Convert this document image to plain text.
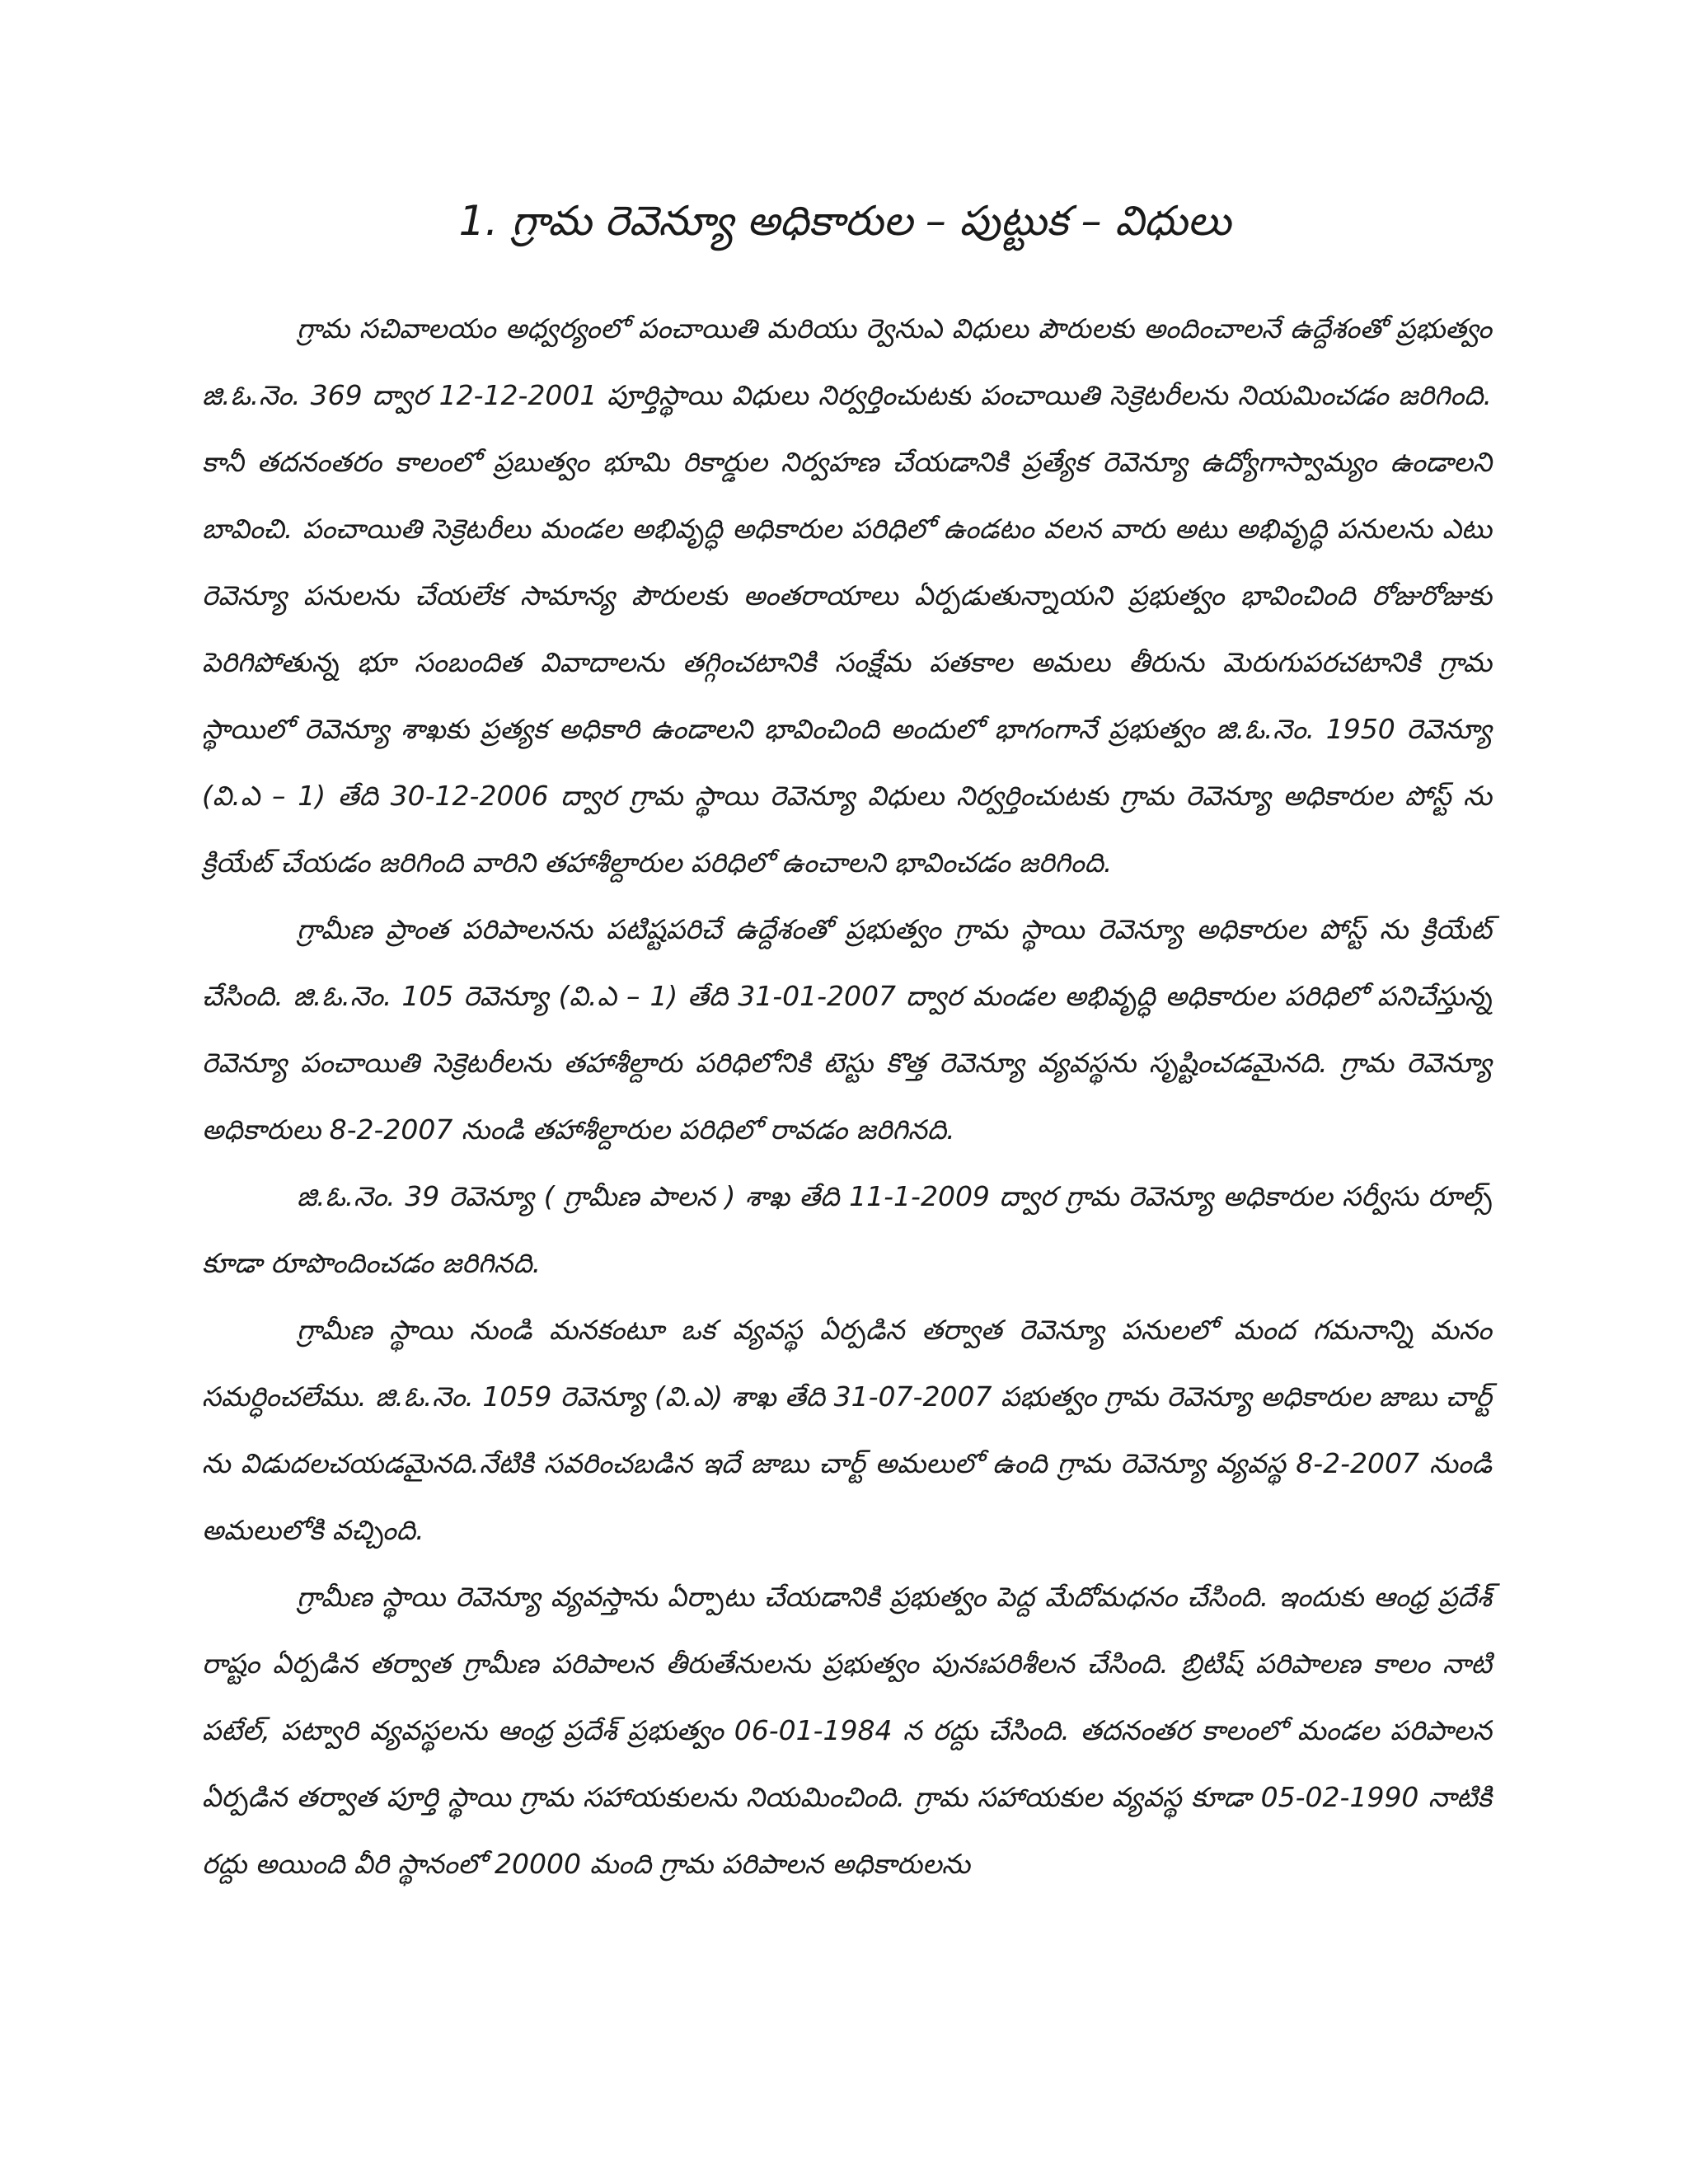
1. గ్రామ రెవెన్యూ అధికారుల – పుట్టుక – విధులు

గ్రామ సచివాలయం అధ్వర్యంలో పంచాయితి మరియు ర్వెనుఎ విధులు పౌరులకు అందించాలనే ఉద్దేశంతో ప్రభుత్వం జి.ఓ.నెం. 369 ద్వార 12-12-2001 పూర్తిస్థాయి విధులు నిర్వర్తించుటకు పంచాయితి సెక్రెటరీలను నియమించడం జరిగింది. కానీ తదనంతరం కాలంలో ప్రబుత్వం భూమి రికార్డుల నిర్వహణ చేయడానికి ప్రత్యేక రెవెన్యూ ఉద్యోగాస్వామ్యం ఉండాలని బావించి. పంచాయితి సెక్రెటరీలు మండల అభివృద్ధి అధికారుల పరిధిలో ఉండటం వలన వారు అటు అభివృద్ధి పనులను ఎటు రెవెన్యూ పనులను చేయలేక సామాన్య పౌరులకు అంతరాయాలు ఏర్పడుతున్నాయని ప్రభుత్వం భావించింది రోజురోజుకు పెరిగిపోతున్న భూ సంబందిత వివాదాలను తగ్గించటానికి సంక్షేమ పతకాల అమలు తీరును మెరుగుపరచటానికి గ్రామ స్థాయిలో రెవెన్యూ శాఖకు ప్రత్యక అధికారి ఉండాలని భావించింది అందులో భాగంగానే ప్రభుత్వం జి.ఓ.నెం. 1950 రెవెన్యూ (వి.ఎ – 1) తేది 30-12-2006 ద్వార గ్రామ స్థాయి రెవెన్యూ విధులు నిర్వర్తించుటకు గ్రామ రెవెన్యూ అధికారుల పోస్ట్ ను క్రియేట్ చేయడం జరిగింది వారిని తహాశీల్దారుల పరిధిలో ఉంచాలని భావించడం జరిగింది.

గ్రామీణ ప్రాంత పరిపాలనను పటిష్టపరిచే ఉద్దేశంతో ప్రభుత్వం గ్రామ స్థాయి రెవెన్యూ అధికారుల పోస్ట్ ను క్రియేట్ చేసింది. జి.ఓ.నెం. 105 రెవెన్యూ (వి.ఎ – 1) తేది 31-01-2007 ద్వార మండల అభివృద్ధి అధికారుల పరిధిలో పనిచేస్తున్న రెవెన్యూ పంచాయితి సెక్రెటరీలను తహాశీల్దారు పరిధిలోనికి టెస్టు కొత్త రెవెన్యూ వ్యవస్థను సృష్టించడమైనది. గ్రామ రెవెన్యూ అధికారులు 8-2-2007 నుండి తహాశీల్దారుల పరిధిలో రావడం జరిగినది.

జి.ఓ.నెం. 39 రెవెన్యూ ( గ్రామీణ పాలన ) శాఖ తేది 11-1-2009 ద్వార గ్రామ రెవెన్యూ అధికారుల సర్వీసు రూల్స్ కూడా రూపొందించడం జరిగినది.

గ్రామీణ స్థాయి నుండి మనకంటూ ఒక వ్యవస్థ ఏర్పడిన తర్వాత రెవెన్యూ పనులలో మంద గమనాన్ని మనం సమర్ధించలేము. జి.ఓ.నెం. 1059 రెవెన్యూ (వి.ఎ) శాఖ తేది 31-07-2007 పభుత్వం గ్రామ రెవెన్యూ అధికారుల జాబు చార్ట్ ను విడుదలచయడమైనది.నేటికి సవరించబడిన ఇదే జాబు చార్ట్ అమలులో ఉంది గ్రామ రెవెన్యూ వ్యవస్థ 8-2-2007 నుండి అమలులోకి వచ్చింది.

గ్రామీణ స్థాయి రెవెన్యూ వ్యవస్తాను ఏర్పాటు చేయడానికి ప్రభుత్వం పెద్ద మేదోమధనం చేసింది. ఇందుకు ఆంధ్ర ప్రదేశ్ రాష్టం ఏర్పడిన తర్వాత గ్రామీణ పరిపాలన తీరుతేనులను ప్రభుత్వం పునఃపరిశీలన చేసింది. బ్రిటిష్ పరిపాలణ కాలం నాటి పటేల్, పట్వారి వ్యవస్థలను ఆంధ్ర ప్రదేశ్ ప్రభుత్వం 06-01-1984 న రద్దు చేసింది. తదనంతర కాలంలో మండల పరిపాలన ఏర్పడిన తర్వాత పూర్తి స్థాయి గ్రామ సహాయకులను నియమించింది. గ్రామ సహాయకుల వ్యవస్థ కూడా 05-02-1990 నాటికి రద్దు అయింది వీరి స్థానంలో 20000 మంది గ్రామ పరిపాలన అధికారులను
